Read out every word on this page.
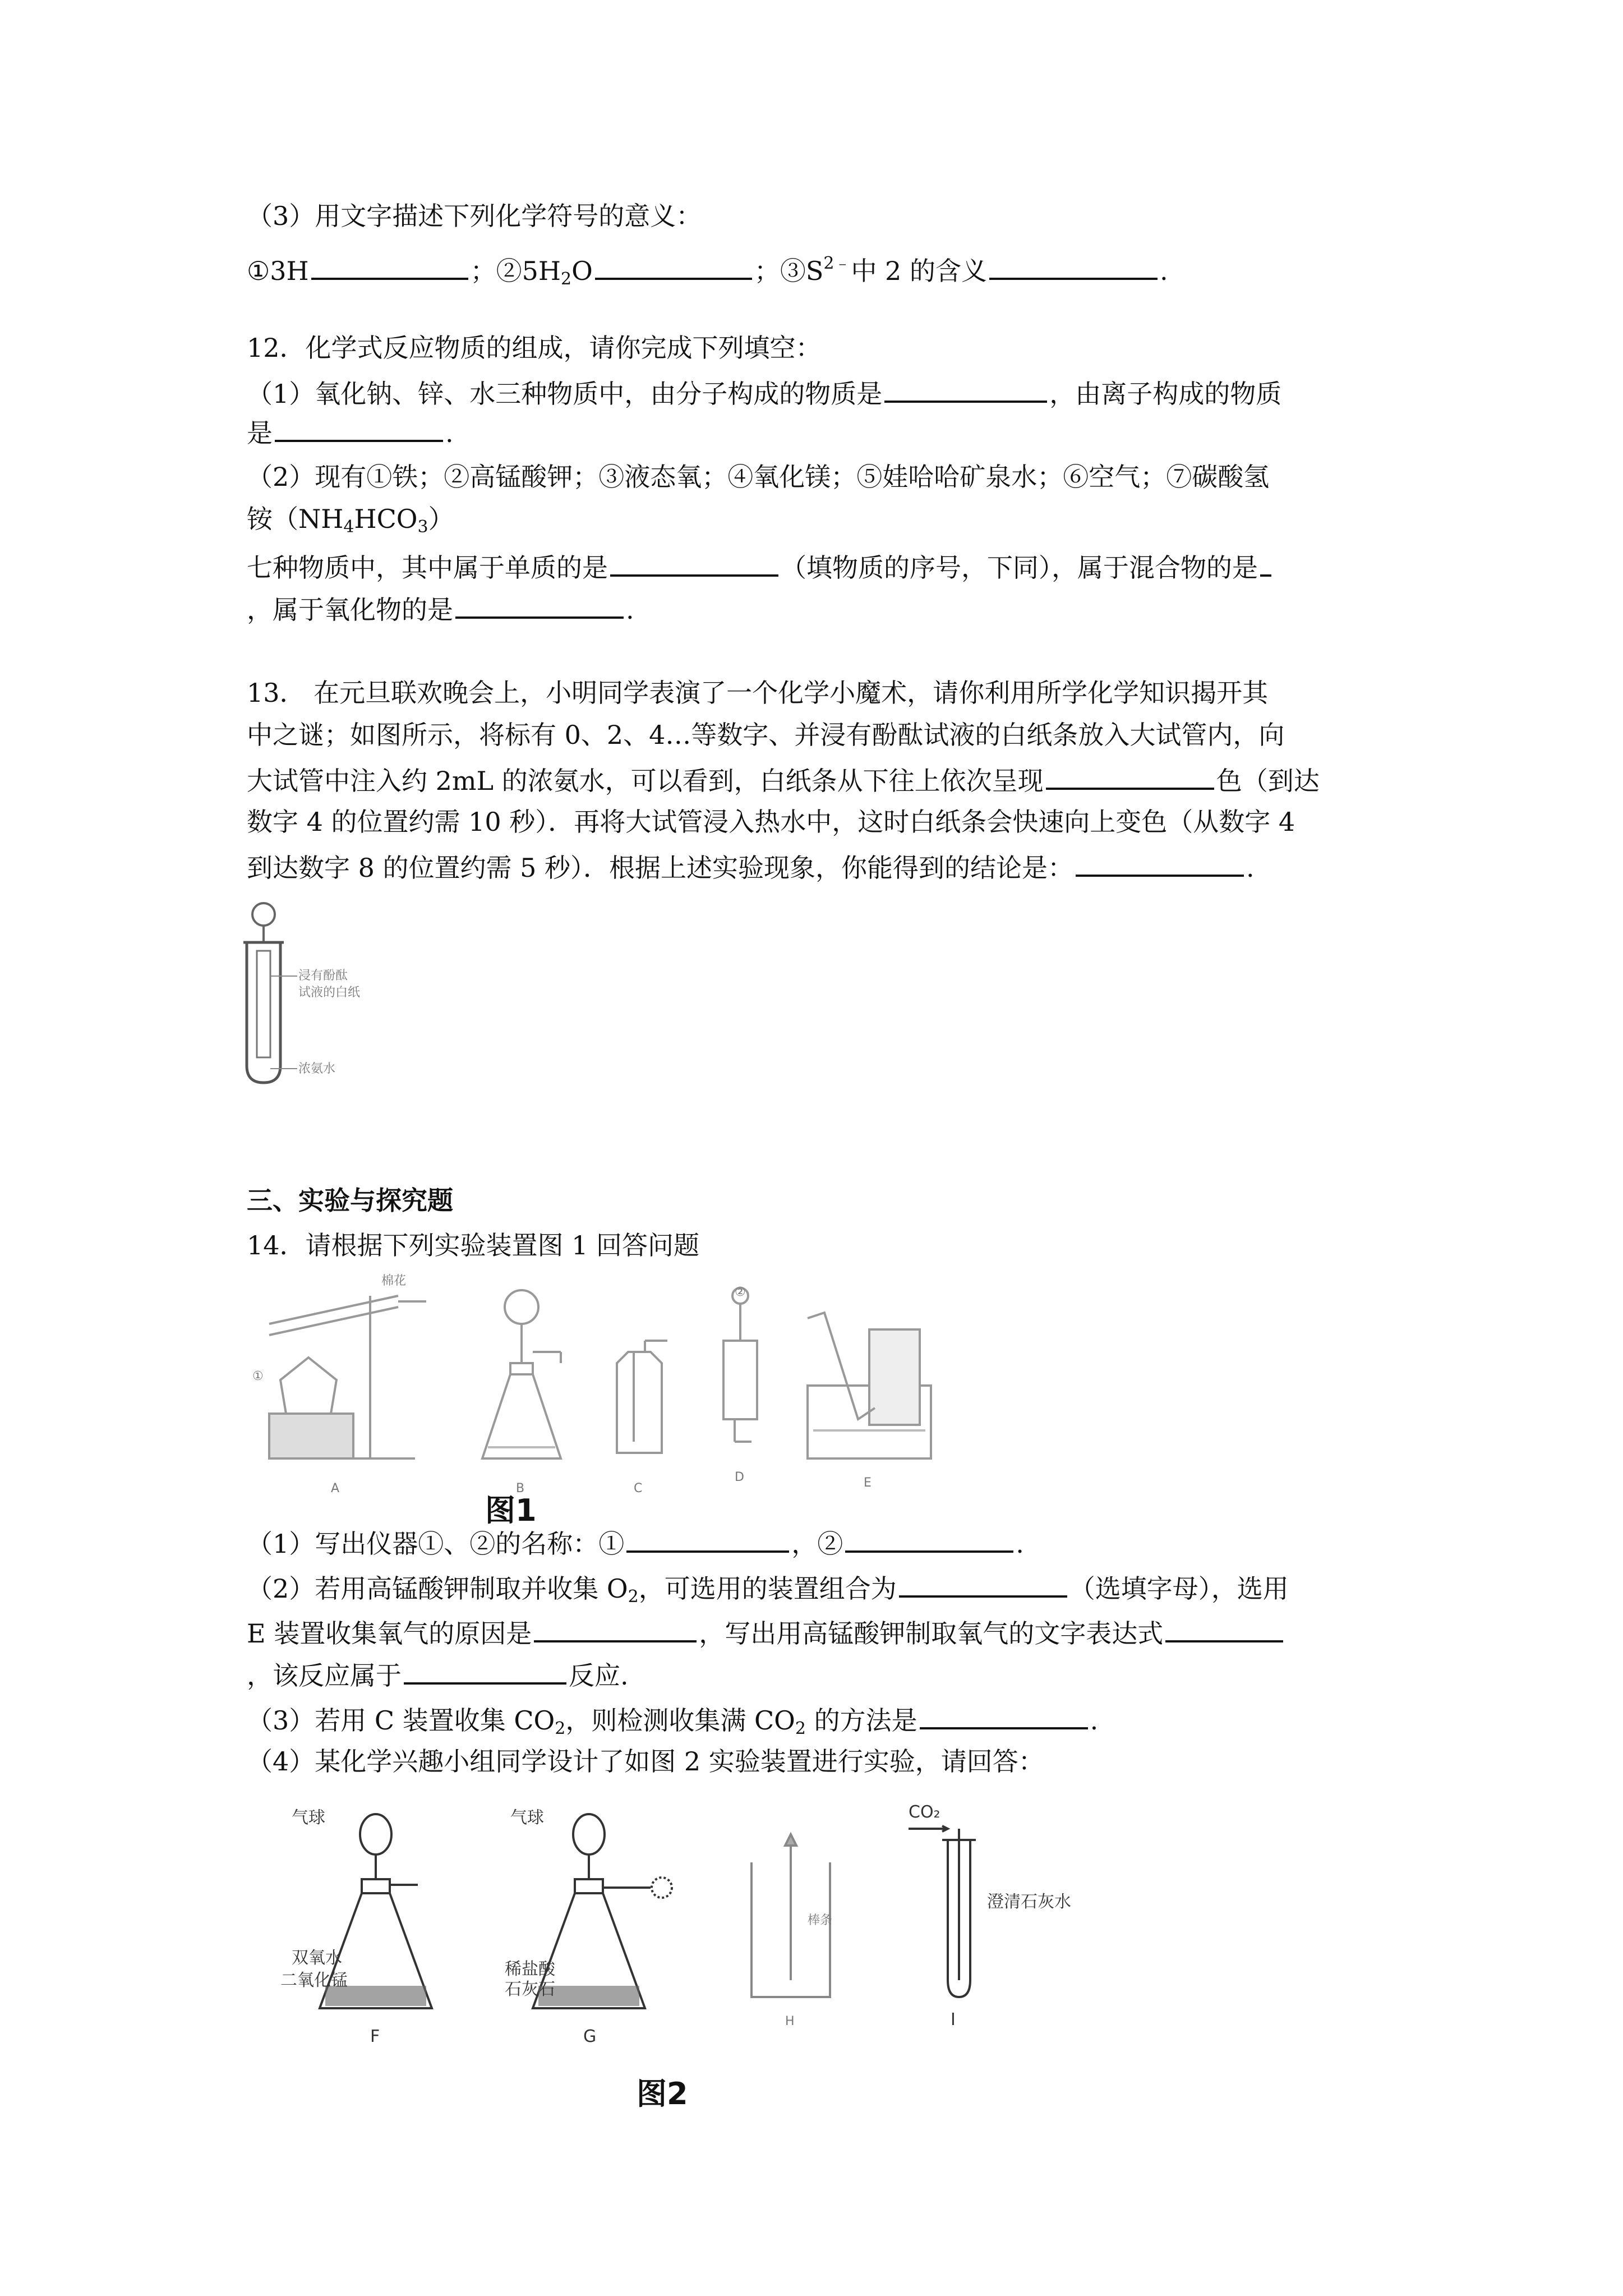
（3）用文字描述下列化学符号的意义：
①3H	；$②5H_2O$	；$③S^{2﹣}$中 2 的含义	.
12．化学式反应物质的组成，请你完成下列填空：
（1）氧化钠、锌、水三种物质中，由分子构成的物质是	，由离子构成的物质
是	.
（2）现有①铁；②高锰酸钾；③液态氧；④氧化镁；⑤娃哈哈矿泉水；⑥空气；⑦碳酸氢
铵$(NH_4HCO_3)$
七种物质中，其中属于单质的是	（填物质的序号，下同），属于混合物的是
，属于氧化物的是	.
13． 在元旦联欢晚会上，小明同学表演了一个化学小魔术，请你利用所学化学知识揭开其
中之谜；如图所示，将标有 0、2、4…等数字、并浸有酚酞试液的白纸条放入大试管内，向
大试管中注入约 2mL 的浓氨水，可以看到，白纸条从下往上依次呈现	色（到达
数字 4 的位置约需 10 秒）．再将大试管浸入热水中，这时白纸条会快速向上变色（从数字 4
到达数字 8 的位置约需 5 秒）．根据上述实验现象，你能得到的结论是：	.
浸有酚酞
试液的白纸
浓氨水
三、实验与探究题
14．请根据下列实验装置图 1 回答问题
①
棉花
A	B	C
②
D	E
图1
（1）写出仪器①、②的名称：①	，②	.
（2）若用高锰酸钾制取并收集 $O_2$，可选用的装置组合为	（选填字母），选用
E 装置收集氧气的原因是	，写出用高锰酸钾制取氧气的文字表达式
，该反应属于	反应.
（3）若用 C 装置收集 $CO_2$，则检测收集满 $CO_2$ 的方法是	.
（4）某化学兴趣小组同学设计了如图 2 实验装置进行实验，请回答：
气球
双氧水
二氧化锰
F
气球
稀盐酸
石灰石
G
棒条
H
CO₂
澄清石灰水
I
图2
